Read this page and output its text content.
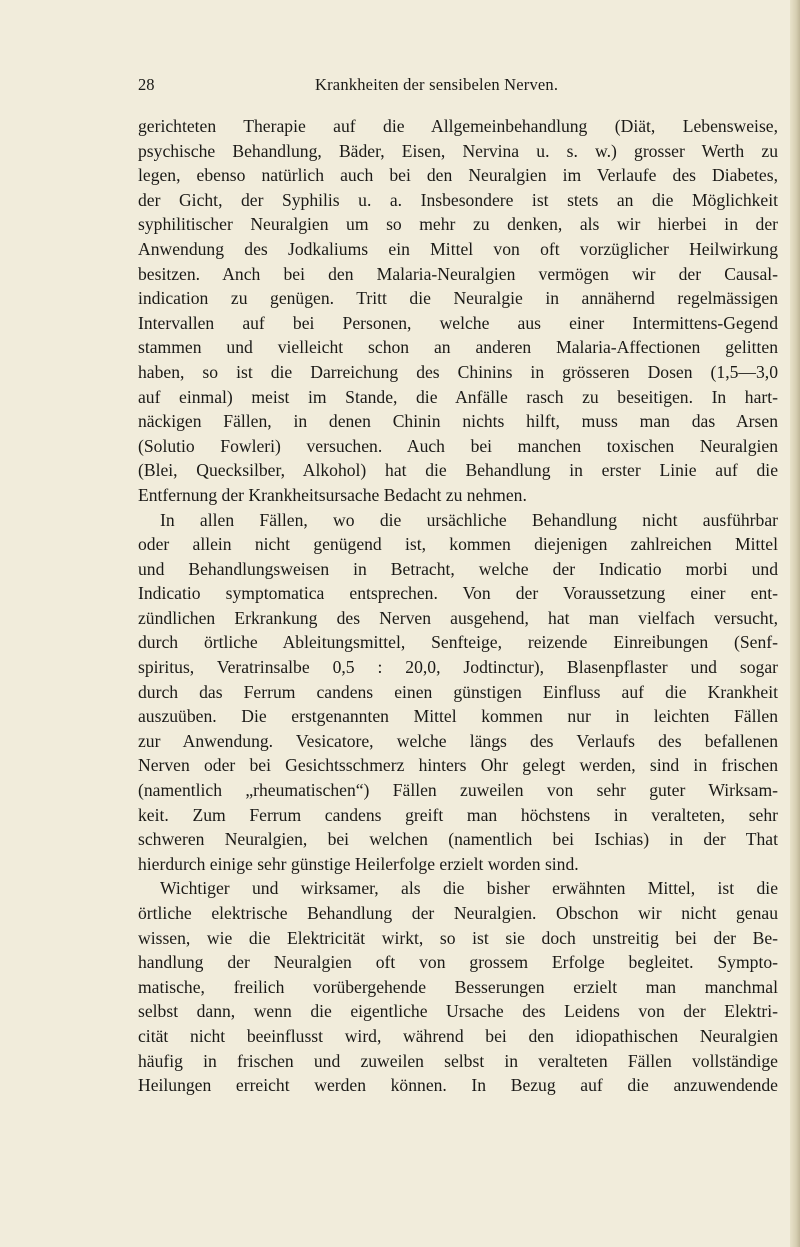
28	Krankheiten der sensibelen Nerven.
gerichteten Therapie auf die Allgemeinbehandlung (Diät, Lebensweise,
psychische Behandlung, Bäder, Eisen, Nervina u. s. w.) grosser Werth zu
legen, ebenso natürlich auch bei den Neuralgien im Verlaufe des Diabetes,
der Gicht, der Syphilis u. a. Insbesondere ist stets an die Möglichkeit
syphilitischer Neuralgien um so mehr zu denken, als wir hierbei in der
Anwendung des Jodkaliums ein Mittel von oft vorzüglicher Heilwirkung
besitzen. Anch bei den Malaria-Neuralgien vermögen wir der Causal-
indication zu genügen. Tritt die Neuralgie in annähernd regelmässigen
Intervallen auf bei Personen, welche aus einer Intermittens-Gegend
stammen und vielleicht schon an anderen Malaria-Affectionen gelitten
haben, so ist die Darreichung des Chinins in grösseren Dosen (1,5—3,0
auf einmal) meist im Stande, die Anfälle rasch zu beseitigen. In hart-
näckigen Fällen, in denen Chinin nichts hilft, muss man das Arsen
(Solutio Fowleri) versuchen. Auch bei manchen toxischen Neuralgien
(Blei, Quecksilber, Alkohol) hat die Behandlung in erster Linie auf die
Entfernung der Krankheitsursache Bedacht zu nehmen.
In allen Fällen, wo die ursächliche Behandlung nicht ausführbar
oder allein nicht genügend ist, kommen diejenigen zahlreichen Mittel
und Behandlungsweisen in Betracht, welche der Indicatio morbi und
Indicatio symptomatica entsprechen. Von der Voraussetzung einer ent-
zündlichen Erkrankung des Nerven ausgehend, hat man vielfach versucht,
durch örtliche Ableitungsmittel, Senfteige, reizende Einreibungen (Senf-
spiritus, Veratrinsalbe 0,5 : 20,0, Jodtinctur), Blasenpflaster und sogar
durch das Ferrum candens einen günstigen Einfluss auf die Krankheit
auszuüben. Die erstgenannten Mittel kommen nur in leichten Fällen
zur Anwendung. Vesicatore, welche längs des Verlaufs des befallenen
Nerven oder bei Gesichtsschmerz hinters Ohr gelegt werden, sind in frischen
(namentlich „rheumatischen“) Fällen zuweilen von sehr guter Wirksam-
keit. Zum Ferrum candens greift man höchstens in veralteten, sehr
schweren Neuralgien, bei welchen (namentlich bei Ischias) in der That
hierdurch einige sehr günstige Heilerfolge erzielt worden sind.
Wichtiger und wirksamer, als die bisher erwähnten Mittel, ist die
örtliche elektrische Behandlung der Neuralgien. Obschon wir nicht genau
wissen, wie die Elektricität wirkt, so ist sie doch unstreitig bei der Be-
handlung der Neuralgien oft von grossem Erfolge begleitet. Sympto-
matische, freilich vorübergehende Besserungen erzielt man manchmal
selbst dann, wenn die eigentliche Ursache des Leidens von der Elektri-
cität nicht beeinflusst wird, während bei den idiopathischen Neuralgien
häufig in frischen und zuweilen selbst in veralteten Fällen vollständige
Heilungen erreicht werden können. In Bezug auf die anzuwendende
